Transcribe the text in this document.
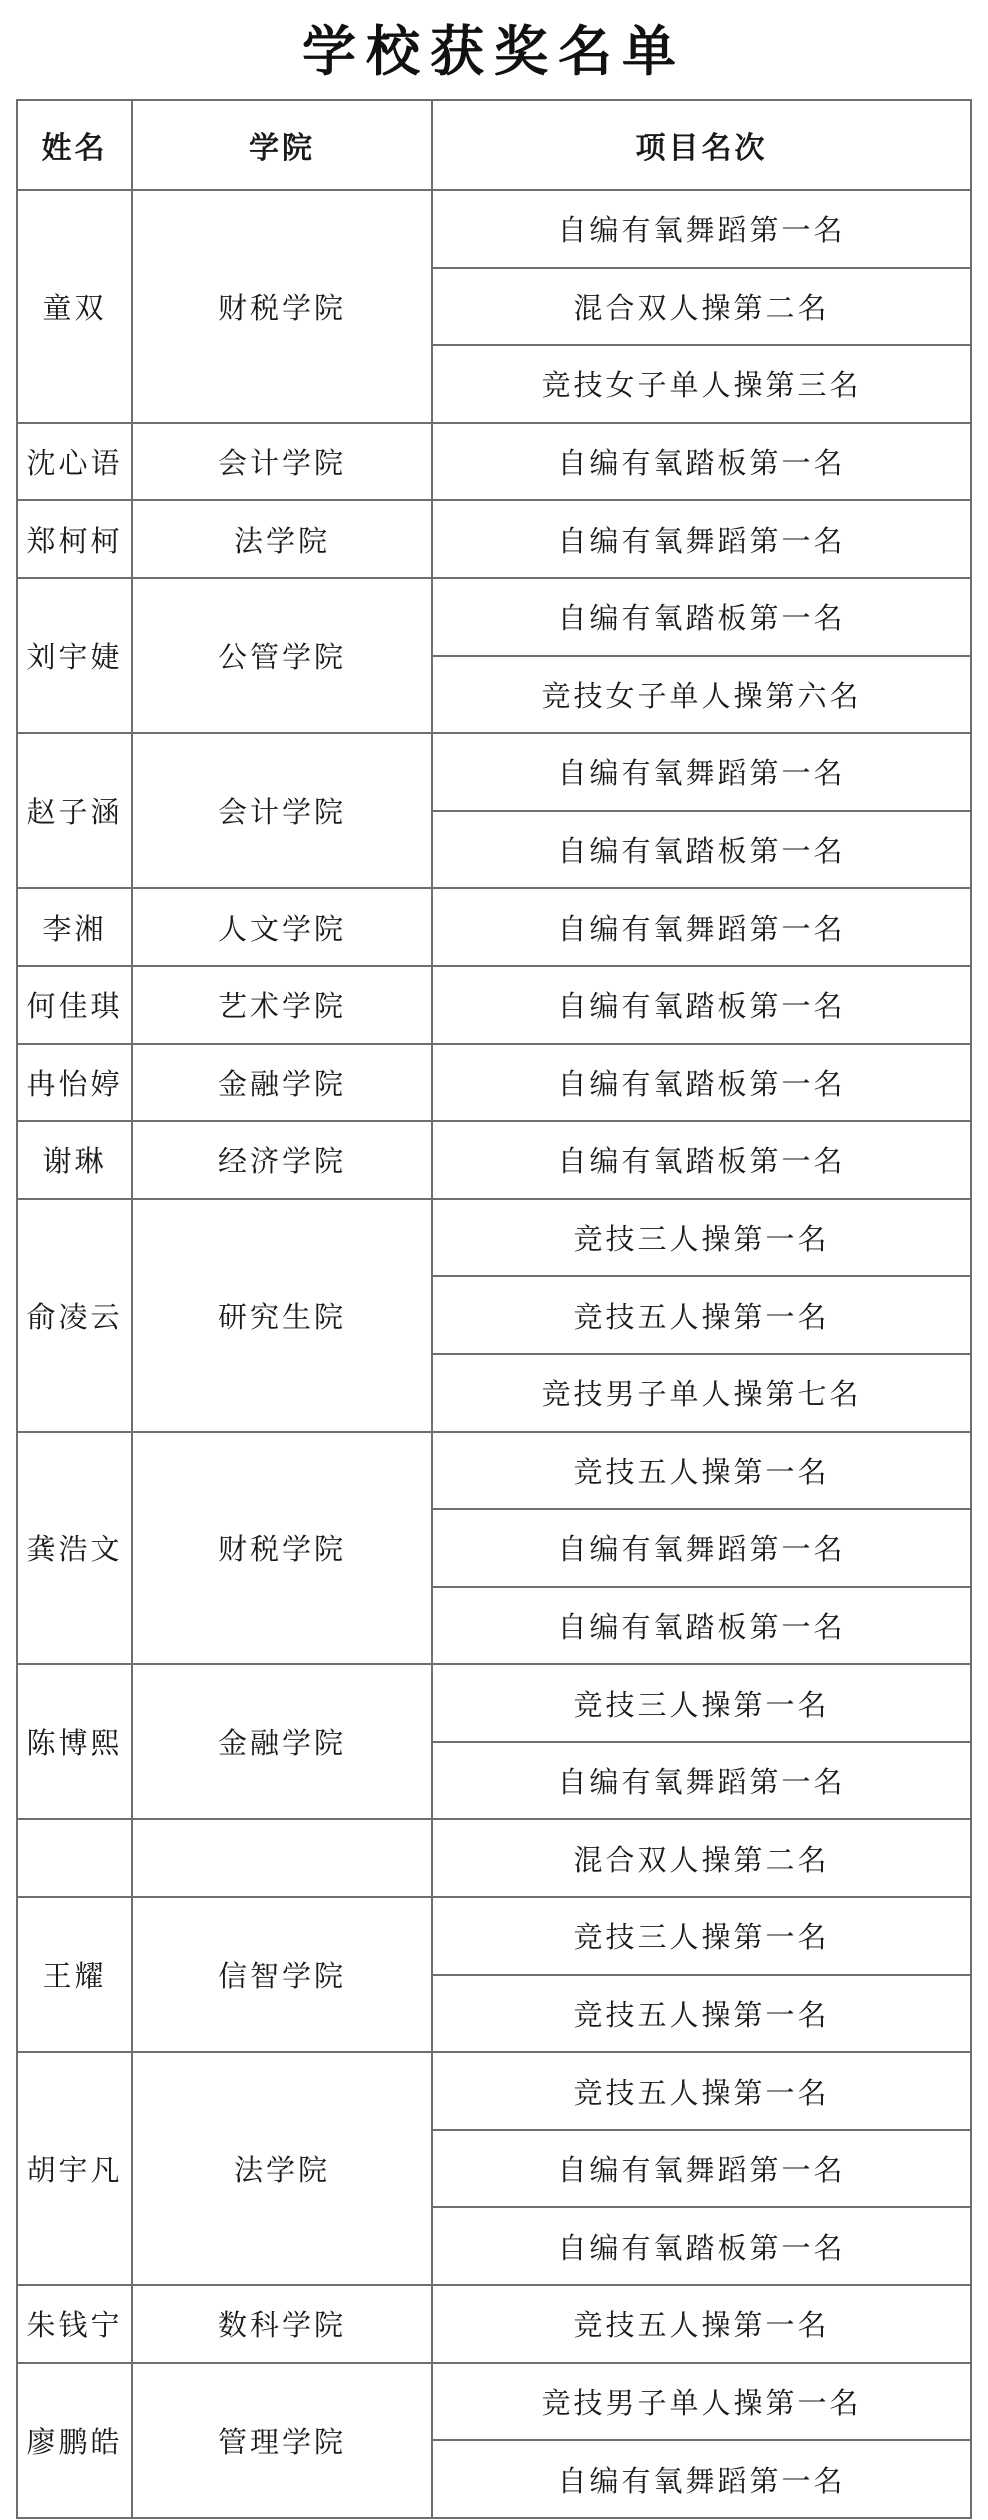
学校获奖名单
姓名	学院	项目名次
童双	财税学院	自编有氧舞蹈第一名
		混合双人操第二名
		竞技女子单人操第三名
沈心语	会计学院	自编有氧踏板第一名
郑柯柯	法学院	自编有氧舞蹈第一名
刘宇婕	公管学院	自编有氧踏板第一名
		竞技女子单人操第六名
赵子涵	会计学院	自编有氧舞蹈第一名
		自编有氧踏板第一名
李湘	人文学院	自编有氧舞蹈第一名
何佳琪	艺术学院	自编有氧踏板第一名
冉怡婷	金融学院	自编有氧踏板第一名
谢琳	经济学院	自编有氧踏板第一名
俞凌云	研究生院	竞技三人操第一名
		竞技五人操第一名
		竞技男子单人操第七名
龚浩文	财税学院	竞技五人操第一名
		自编有氧舞蹈第一名
		自编有氧踏板第一名
陈博熙	金融学院	竞技三人操第一名
		自编有氧舞蹈第一名
		混合双人操第二名
王耀	信智学院	竞技三人操第一名
		竞技五人操第一名
胡宇凡	法学院	竞技五人操第一名
		自编有氧舞蹈第一名
		自编有氧踏板第一名
朱钱宁	数科学院	竞技五人操第一名
廖鹏皓	管理学院	竞技男子单人操第一名
		自编有氧舞蹈第一名
